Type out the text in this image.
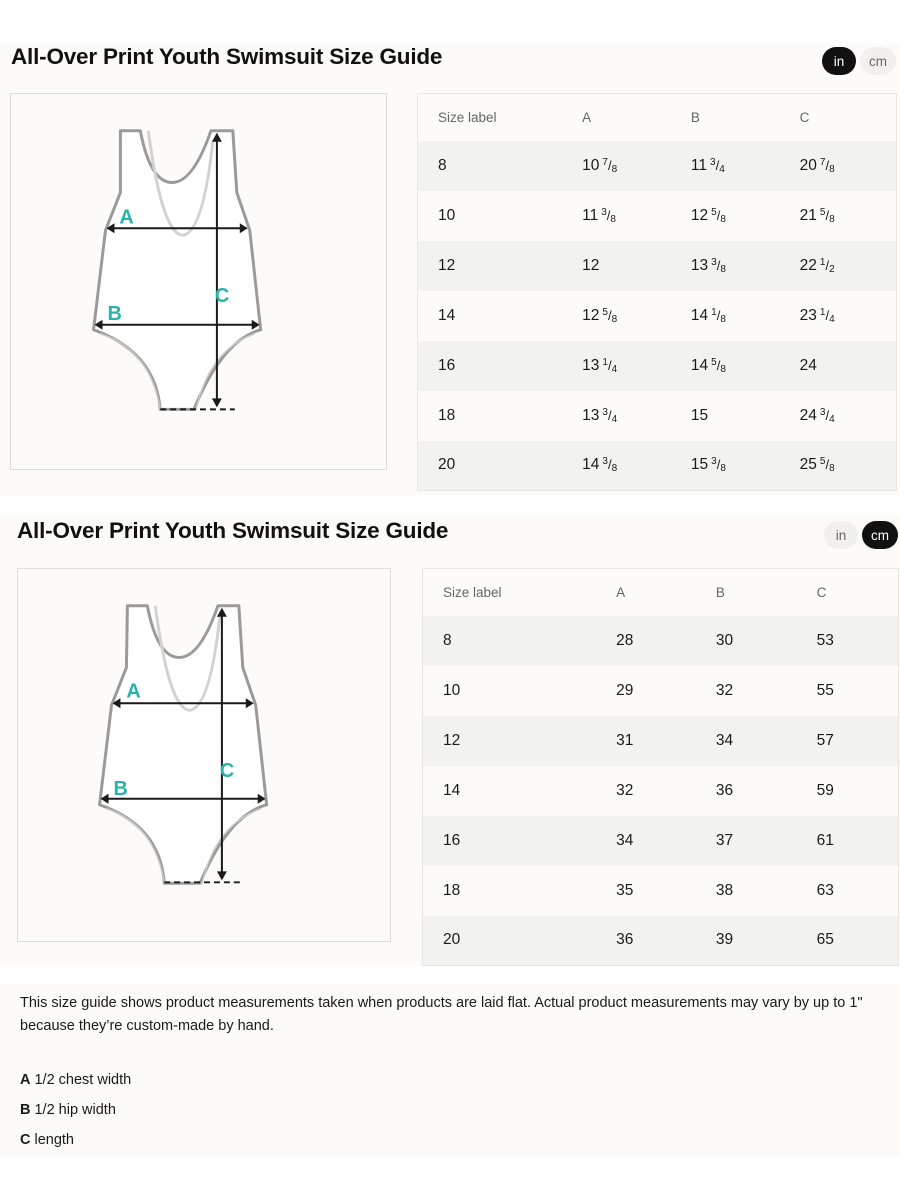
All-Over Print Youth Swimsuit Size Guide	in	cm
A
B
C
Size label	A	B	C
8	10 $^7/_8$	11 $^3/_4$	20 $^7/_8$
10	11 $^3/_8$	12 $^5/_8$	21 $^5/_8$
12	12	13 $^3/_8$	22 $^1/_2$
14	12 $^5/_8$	14 $^1/_8$	23 $^1/_4$
16	13 $^1/_4$	14 $^5/_8$	24
18	13 $^3/_4$	15	24 $^3/_4$
20	14 $^3/_8$	15 $^3/_8$	25 $^5/_8$
All-Over Print Youth Swimsuit Size Guide	in	cm
A
B
C
Size label	A	B	C
8	28	30	53
10	29	32	55
12	31	34	57
14	32	36	59
16	34	37	61
18	35	38	63
20	36	39	65

This size guide shows product measurements taken when products are laid flat. Actual product measurements may vary by up to 1" because they’re custom-made by hand.

A 1/2 chest width
B 1/2 hip width
C length
